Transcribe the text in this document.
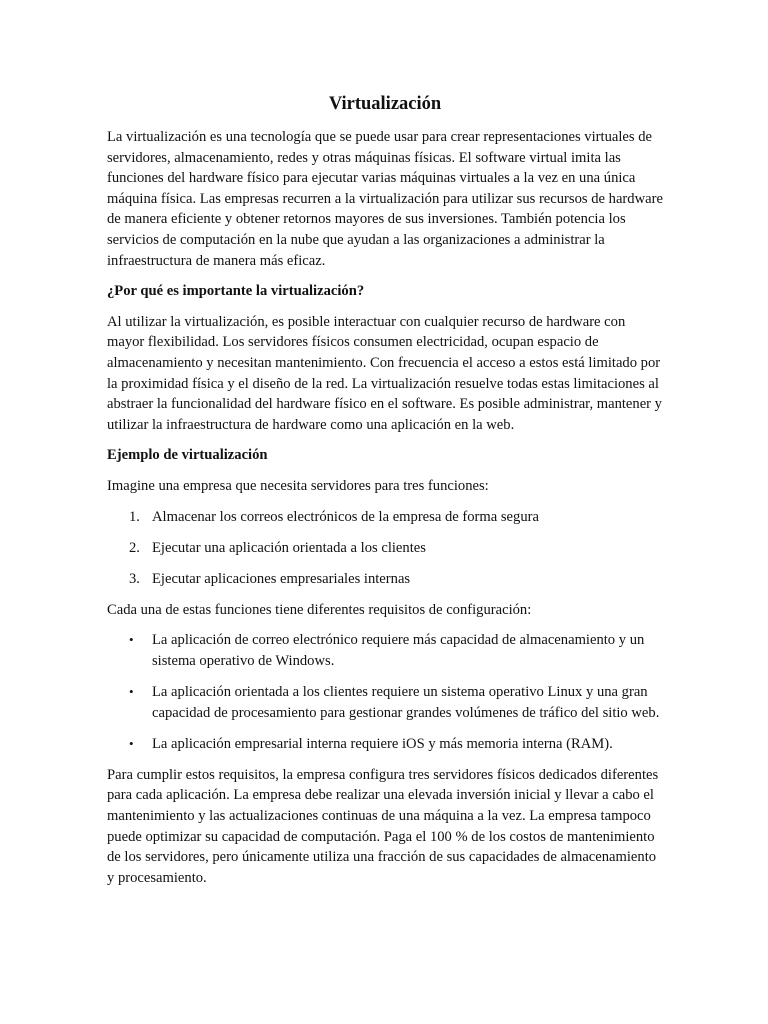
Virtualización

La virtualización es una tecnología que se puede usar para crear representaciones virtuales de servidores, almacenamiento, redes y otras máquinas físicas. El software virtual imita las funciones del hardware físico para ejecutar varias máquinas virtuales a la vez en una única máquina física. Las empresas recurren a la virtualización para utilizar sus recursos de hardware de manera eficiente y obtener retornos mayores de sus inversiones. También potencia los servicios de computación en la nube que ayudan a las organizaciones a administrar la infraestructura de manera más eficaz.

¿Por qué es importante la virtualización?

Al utilizar la virtualización, es posible interactuar con cualquier recurso de hardware con mayor flexibilidad. Los servidores físicos consumen electricidad, ocupan espacio de almacenamiento y necesitan mantenimiento. Con frecuencia el acceso a estos está limitado por la proximidad física y el diseño de la red. La virtualización resuelve todas estas limitaciones al abstraer la funcionalidad del hardware físico en el software. Es posible administrar, mantener y utilizar la infraestructura de hardware como una aplicación en la web.

Ejemplo de virtualización

Imagine una empresa que necesita servidores para tres funciones:

1. Almacenar los correos electrónicos de la empresa de forma segura
2. Ejecutar una aplicación orientada a los clientes
3. Ejecutar aplicaciones empresariales internas

Cada una de estas funciones tiene diferentes requisitos de configuración:

• La aplicación de correo electrónico requiere más capacidad de almacenamiento y un sistema operativo de Windows.
• La aplicación orientada a los clientes requiere un sistema operativo Linux y una gran capacidad de procesamiento para gestionar grandes volúmenes de tráfico del sitio web.
• La aplicación empresarial interna requiere iOS y más memoria interna (RAM).

Para cumplir estos requisitos, la empresa configura tres servidores físicos dedicados diferentes para cada aplicación. La empresa debe realizar una elevada inversión inicial y llevar a cabo el mantenimiento y las actualizaciones continuas de una máquina a la vez. La empresa tampoco puede optimizar su capacidad de computación. Paga el 100 % de los costos de mantenimiento de los servidores, pero únicamente utiliza una fracción de sus capacidades de almacenamiento y procesamiento.
